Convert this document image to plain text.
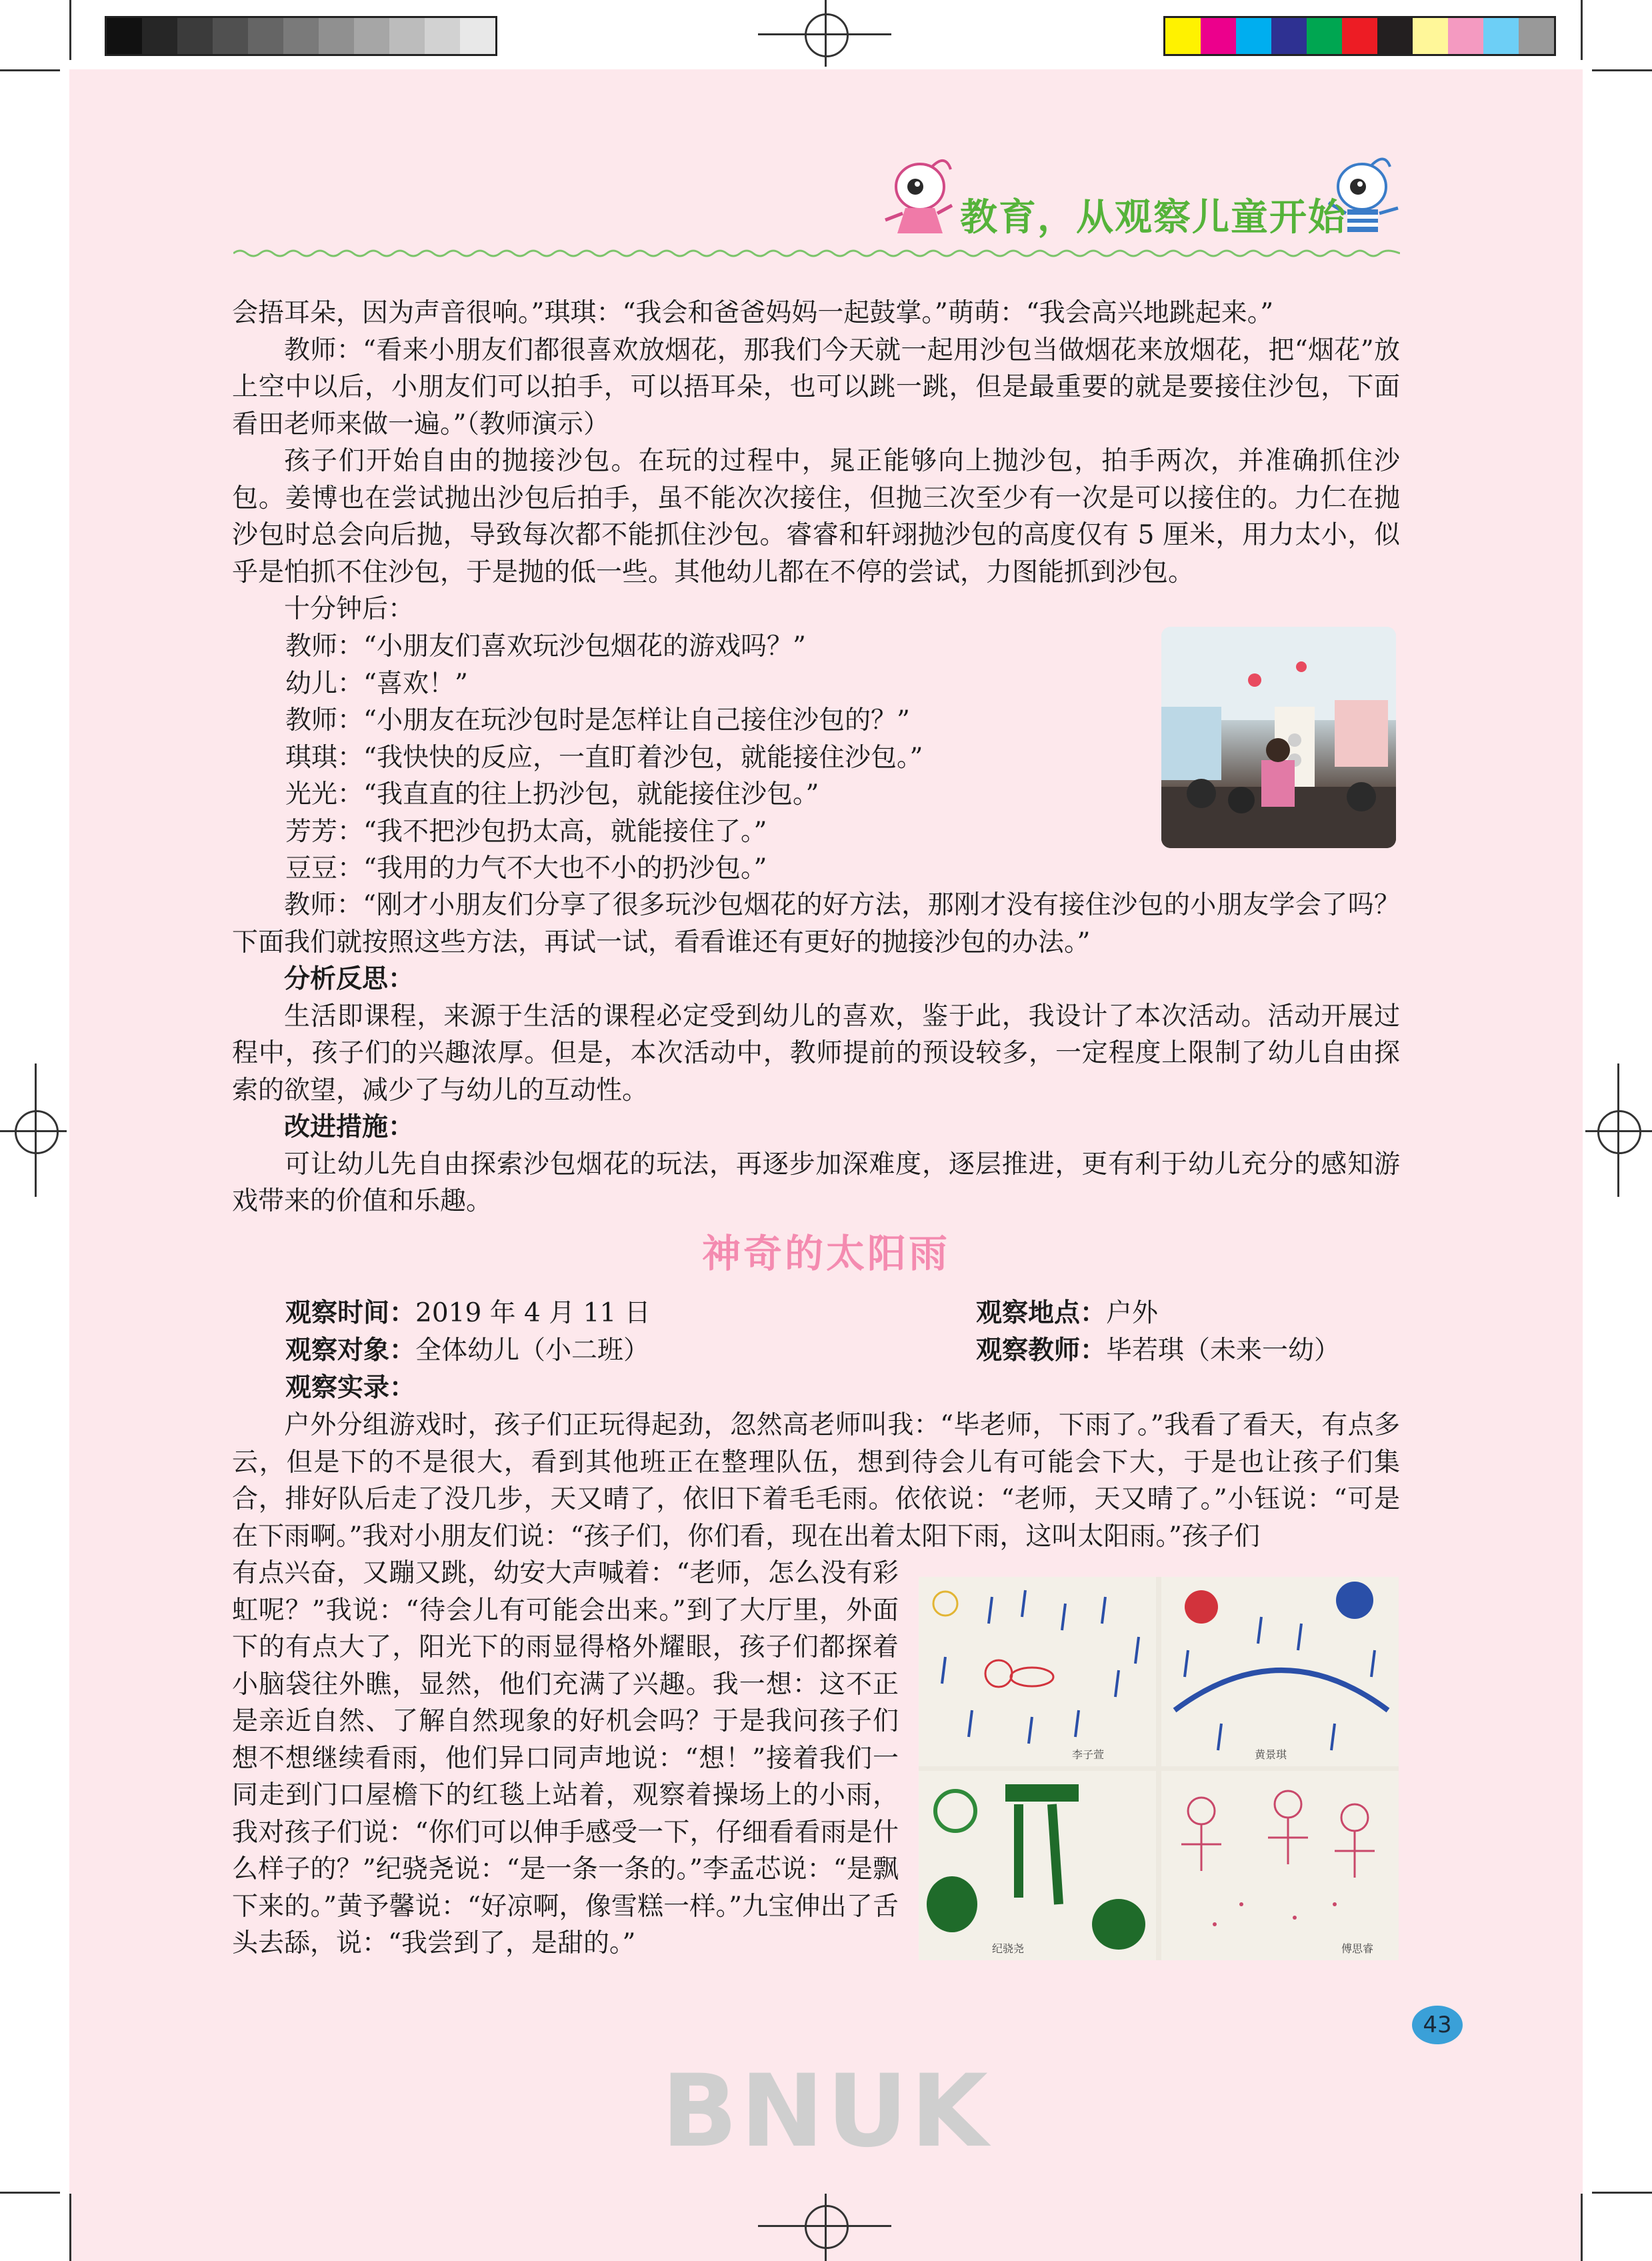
教育，从观察儿童开始

会捂耳朵，因为声音很响。”琪琪：“我会和爸爸妈妈一起鼓掌。”萌萌：“我会高兴地跳起来。”

教师：“看来小朋友们都很喜欢放烟花，那我们今天就一起用沙包当做烟花来放烟花，把“烟花”放上空中以后，小朋友们可以拍手，可以捂耳朵，也可以跳一跳，但是最重要的就是要接住沙包，下面看田老师来做一遍。”（教师演示）

孩子们开始自由的抛接沙包。在玩的过程中，晁正能够向上抛沙包，拍手两次，并准确抓住沙包。姜博也在尝试抛出沙包后拍手，虽不能次次接住，但抛三次至少有一次是可以接住的。力仁在抛沙包时总会向后抛，导致每次都不能抓住沙包。睿睿和轩翊抛沙包的高度仅有 5 厘米，用力太小，似乎是怕抓不住沙包，于是抛的低一些。其他幼儿都在不停的尝试，力图能抓到沙包。

十分钟后：

教师：“小朋友们喜欢玩沙包烟花的游戏吗？”

幼儿：“喜欢！”

教师：“小朋友在玩沙包时是怎样让自己接住沙包的？”

琪琪：“我快快的反应，一直盯着沙包，就能接住沙包。”

光光：“我直直的往上扔沙包，就能接住沙包。”

芳芳：“我不把沙包扔太高，就能接住了。”

豆豆：“我用的力气不大也不小的扔沙包。”

教师：“刚才小朋友们分享了很多玩沙包烟花的好方法，那刚才没有接住沙包的小朋友学会了吗？下面我们就按照这些方法，再试一试，看看谁还有更好的抛接沙包的办法。”

分析反思：

生活即课程，来源于生活的课程必定受到幼儿的喜欢，鉴于此，我设计了本次活动。活动开展过程中，孩子们的兴趣浓厚。但是，本次活动中，教师提前的预设较多，一定程度上限制了幼儿自由探索的欲望，减少了与幼儿的互动性。

改进措施：

可让幼儿先自由探索沙包烟花的玩法，再逐步加深难度，逐层推进，更有利于幼儿充分的感知游戏带来的价值和乐趣。

神奇的太阳雨
观察时间：2019 年 4 月 11 日	观察地点：户外
观察对象：全体幼儿（小二班）	观察教师：毕若琪（未来一幼）
观察实录：

户外分组游戏时，孩子们正玩得起劲，忽然高老师叫我：“毕老师，下雨了。”我看了看天，有点多云，但是下的不是很大，看到其他班正在整理队伍，想到待会儿有可能会下大，于是也让孩子们集合，排好队后走了没几步，天又晴了，依旧下着毛毛雨。依依说：“老师，天又晴了。”小钰说：“可是在下雨啊。”我对小朋友们说：“孩子们，你们看，现在出着太阳下雨，这叫太阳雨。”孩子们

有点兴奋，又蹦又跳，幼安大声喊着：“老师，怎么没有彩虹呢？”我说：“待会儿有可能会出来。”到了大厅里，外面下的有点大了，阳光下的雨显得格外耀眼，孩子们都探着小脑袋往外瞧，显然，他们充满了兴趣。我一想：这不正是亲近自然、了解自然现象的好机会吗？于是我问孩子们想不想继续看雨，他们异口同声地说：“想！”接着我们一同走到门口屋檐下的红毯上站着，观察着操场上的小雨，我对孩子们说：“你们可以伸手感受一下，仔细看看雨是什么样子的？”纪骁尧说：“是一条一条的。”李孟芯说：“是飘下来的。”黄予馨说：“好凉啊，像雪糕一样。”九宝伸出了舌头去舔，说：“我尝到了，是甜的。”

李子萱	黄景琪
纪骁尧	傅思睿
43
BNUK
